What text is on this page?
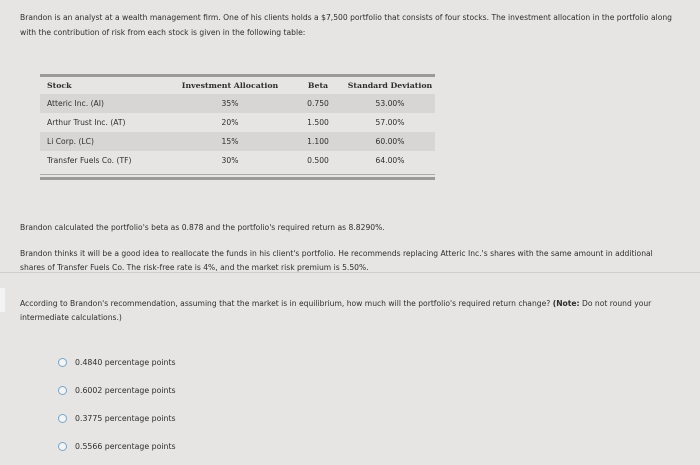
Brandon is an analyst at a wealth management firm. One of his clients holds a $7,500 portfolio that consists of four stocks. The investment allocation in the portfolio along with the contribution of risk from each stock is given in the following table:
Stock	Investment Allocation	Beta	Standard Deviation
Atteric Inc. (AI)	35%	0.750	53.00%
Arthur Trust Inc. (AT)	20%	1.500	57.00%
Li Corp. (LC)	15%	1.100	60.00%
Transfer Fuels Co. (TF)	30%	0.500	64.00%
Brandon calculated the portfolio's beta as 0.878 and the portfolio's required return as 8.8290%.
Brandon thinks it will be a good idea to reallocate the funds in his client's portfolio. He recommends replacing Atteric Inc.'s shares with the same amount in additional shares of Transfer Fuels Co. The risk-free rate is 4%, and the market risk premium is 5.50%.
According to Brandon's recommendation, assuming that the market is in equilibrium, how much will the portfolio's required return change? (Note: Do not round your intermediate calculations.)
0.4840 percentage points
0.6002 percentage points
0.3775 percentage points
0.5566 percentage points
